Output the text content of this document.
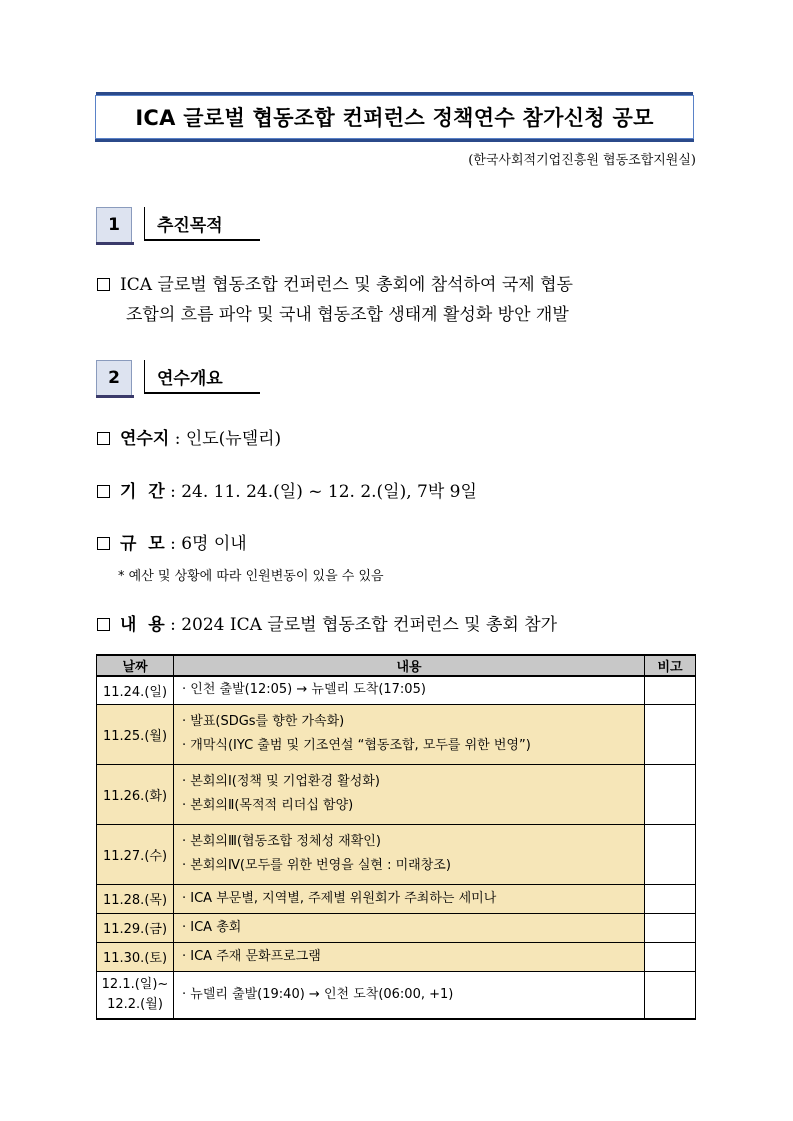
ICA 글로벌 협동조합 컨퍼런스 정책연수 참가신청 공모
(한국사회적기업진흥원 협동조합지원실)
1	추진목적
ICA 글로벌 협동조합 컨퍼런스 및 총회에 참석하여 국제 협동
조합의 흐름 파악 및 국내 협동조합 생태계 활성화 방안 개발
2	연수개요
연수지 : 인도(뉴델리)
기  간 : 24. 11. 24.(일) ~ 12. 2.(일), 7박 9일
규  모 : 6명 이내
* 예산 및 상황에 따라 인원변동이 있을 수 있음
내  용 : 2024 ICA 글로벌 협동조합 컨퍼런스 및 총회 참가
날짜	내용	비고
11.24.(일)	· 인천 출발(12:05) → 뉴델리 도착(17:05)	

11.25.(월)	· 발표(SDGs를 향한 가속화)
· 개막식(IYC 출범 및 기조연설 “협동조합, 모두를 위한 번영”)	

11.26.(화)	· 본회의Ⅰ(정책 및 기업환경 활성화)
· 본회의Ⅱ(목적적 리더십 함양)	

11.27.(수)	· 본회의Ⅲ(협동조합 정체성 재확인)
· 본회의Ⅳ(모두를 위한 번영을 실현 : 미래창조)	

11.28.(목)	· ICA 부문별, 지역별, 주제별 위원회가 주최하는 세미나	

11.29.(금)	· ICA 총회	

11.30.(토)	· ICA 주재 문화프로그램	

12.1.(일)~
12.2.(월)	· 뉴델리 출발(19:40) → 인천 도착(06:00, +1)	
